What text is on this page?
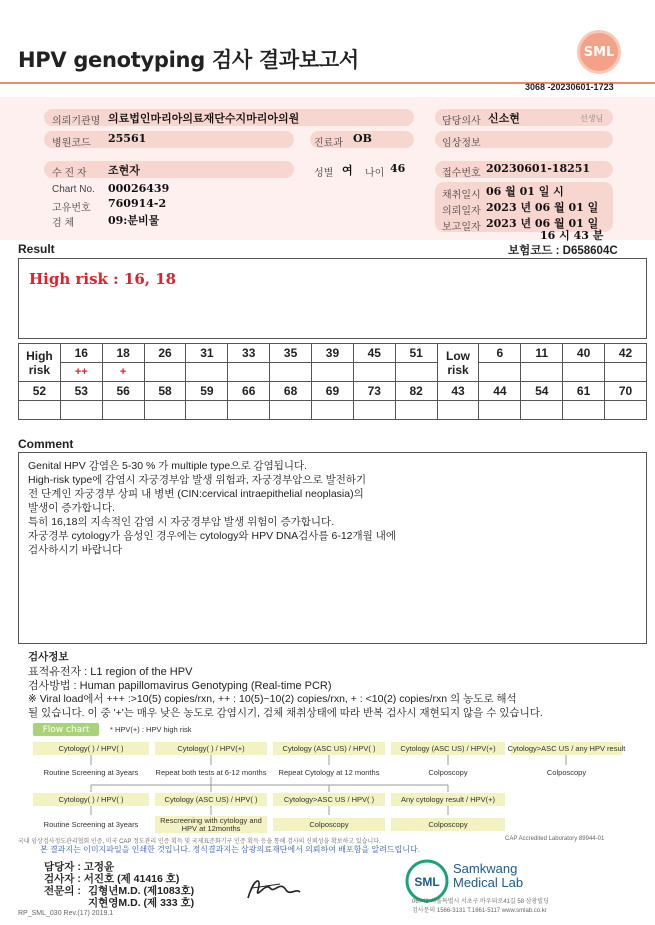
HPV genotyping 검사 결과보고서	SML
3068 -20230601-1723
의뢰기관명 의료법인마리아의료재단수지마리아의원
병원코드 25561	진료과 OB
수 진 자 조현자	성별 여 나이 46
Chart No. 00026439
고유번호 760914-2
검 체	09:분비물
담당의사 신소현	선생님
임상정보
접수번호 20230601-18251
채취일시 06 월 01 일 시
의뢰일자 2023 년 06 월 01 일
보고일자 2023 년 06 월 01 일
16 시 43 분
Result	보험코드 : D658604C
High risk : 16, 18
High risk	16	18	26	31	33	35	39	45	51	Low risk	6	11	40	42
	++	+												
52	53	56	58	59	66	68	69	73	82	43	44	54	61	70

Comment
Genital HPV 감염은 5-30 % 가 multiple type으로 감염됩니다.
High-risk type에 감염시 자궁경부암 발생 위험과, 자궁경부암으로 발전하기
전 단계인 자궁경부 상피 내 병변 (CIN:cervical intraepithelial neoplasia)의
발생이 증가합니다.
특히 16,18의 지속적인 감염 시 자궁경부암 발생 위험이 증가합니다.
자궁경부 cytology가 음성인 경우에는 cytology와 HPV DNA검사를 6-12개월 내에
검사하시기 바랍니다
검사정보
표적유전자 : L1 region of the HPV
검사방법 : Human papillomavirus Genotyping (Real-time PCR)
※ Viral load에서 +++ :>10(5) copies/rxn, ++ : 10(5)~10(2) copies/rxn, + : <10(2) copies/rxn 의 농도로 해석
될 있습니다. 이 중 '+'는 매우 낮은 농도로 감염시기, 검체 채취상태에 따라 반복 검사시 재현되지 않을 수 있습니다.
Flow chart	* HPV(+) : HPV high risk
Cytology( ) / HPV( )	Cytology( ) / HPV(+)	Cytology (ASC US) / HPV( )	Cytology (ASC US) / HPV(+)	Cytology>ASC US / any HPV result
Routine Screening at 3years	Repeat both tests at 6-12 months	Repeat Cytology at 12 months	Colposcopy	Colposcopy
Cytology( ) / HPV( )	Cytology (ASC US) / HPV( )	Cytology>ASC US / HPV( )	Any cytology result / HPV(+)
Routine Screening at 3years	Rescreening with cytology and HPV at 12months	Colposcopy	Colposcopy
국내 임상검사정도관리협회 인증, 미국 CAP 정도관리 인증 획득 및 국제표준화기구 인증 획득 등을 통해 검사의 신뢰성을 확보하고 있습니다.	CAP Accredited Laboratory 89944-01
본 결과지는 이미지파일을 인쇄한 것입니다. 정식결과지는 삼광의료재단에서 의뢰하여 배포함을 알려드립니다.
담당자 : 고정윤
검사자 : 서진호 (제 41416 호)
전문의 : 김형년M.D. (제1083호)
지현영M.D. (제 333 호)
SML
Samkwang
Medical Lab
06742 서울특별시 서초구 바우뫼로41길 58 삼광빌딩
검사문의 1566-3131 T.1661-5117 www.smlab.co.kr
RP_SML_030 Rev.(17) 2019.1
